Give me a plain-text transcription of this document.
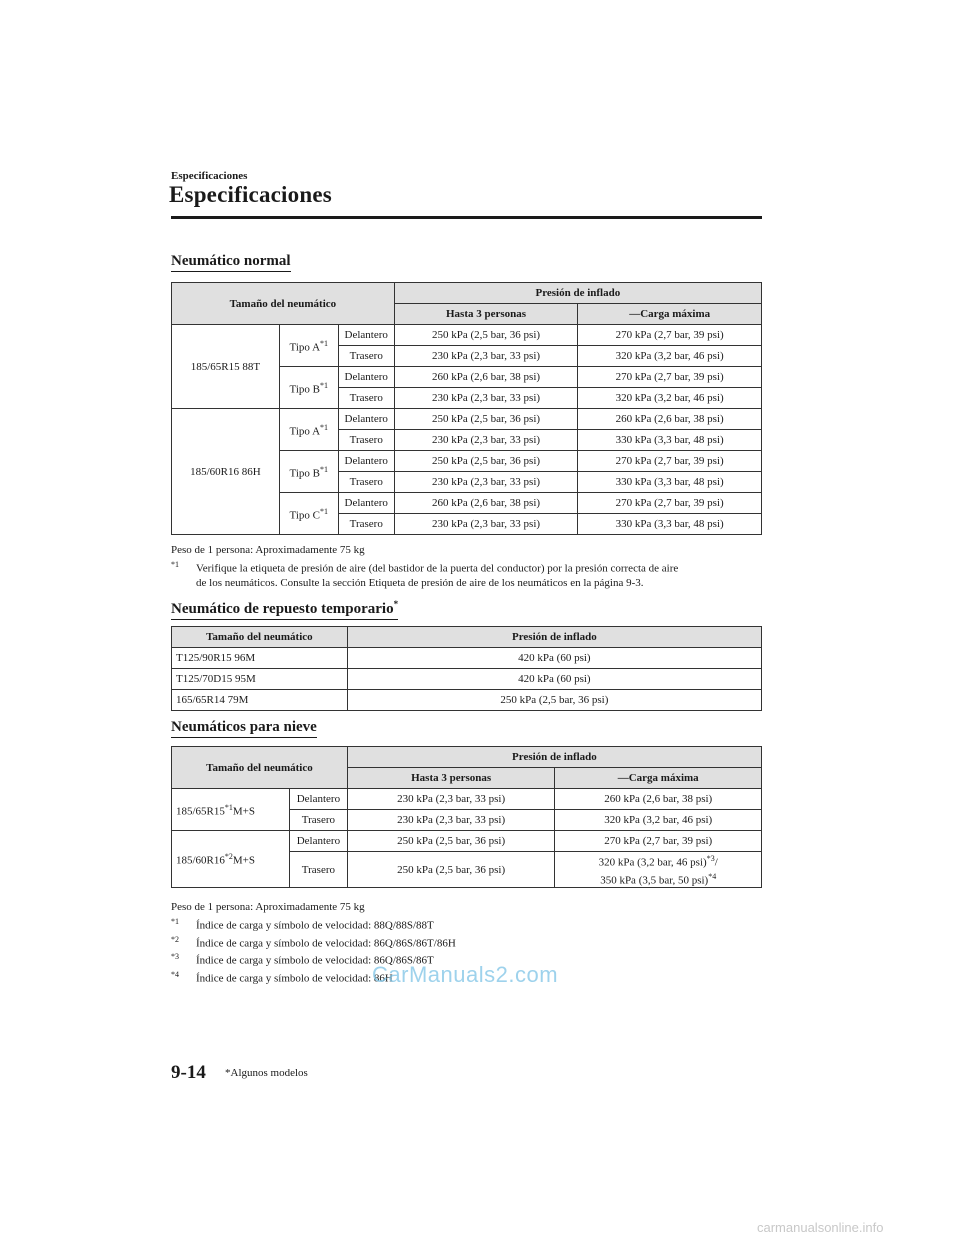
Especificaciones
Especificaciones
Neumático normal
Tamaño del neumático			Presión de inflado	
			Hasta 3 personas	—Carga máxima
185/65R15 88T	Tipo $A^{*1}$	Delantero	250 kPa (2,5 bar, 36 psi)	270 kPa (2,7 bar, 39 psi)
		Trasero	230 kPa (2,3 bar, 33 psi)	320 kPa (3,2 bar, 46 psi)
	Tipo $B^{*1}$	Delantero	260 kPa (2,6 bar, 38 psi)	270 kPa (2,7 bar, 39 psi)
		Trasero	230 kPa (2,3 bar, 33 psi)	320 kPa (3,2 bar, 46 psi)
185/60R16 86H	Tipo $A^{*1}$	Delantero	250 kPa (2,5 bar, 36 psi)	260 kPa (2,6 bar, 38 psi)
		Trasero	230 kPa (2,3 bar, 33 psi)	330 kPa (3,3 bar, 48 psi)
	Tipo $B^{*1}$	Delantero	250 kPa (2,5 bar, 36 psi)	270 kPa (2,7 bar, 39 psi)
		Trasero	230 kPa (2,3 bar, 33 psi)	330 kPa (3,3 bar, 48 psi)
	Tipo $C^{*1}$	Delantero	260 kPa (2,6 bar, 38 psi)	270 kPa (2,7 bar, 39 psi)
		Trasero	230 kPa (2,3 bar, 33 psi)	330 kPa (3,3 bar, 48 psi)
Peso de 1 persona: Aproximadamente 75 kg
$^{*1}$ Verifique la etiqueta de presión de aire (del bastidor de la puerta del conductor) por la presión correcta de aire
de los neumáticos. Consulte la sección Etiqueta de presión de aire de los neumáticos en la página 9-3.
Neumático de repuesto temporario*
Tamaño del neumático	Presión de inflado
T125/90R15 96M	420 kPa (60 psi)
T125/70D15 95M	420 kPa (60 psi)
165/65R14 79M	250 kPa (2,5 bar, 36 psi)
Neumáticos para nieve
Tamaño del neumático		Presión de inflado	
		Hasta 3 personas	—Carga máxima
$185/65R15^{*1}M+S$	Delantero	230 kPa (2,3 bar, 33 psi)	260 kPa (2,6 bar, 38 psi)
	Trasero	230 kPa (2,3 bar, 33 psi)	320 kPa (3,2 bar, 46 psi)
$185/60R16^{*2}M+S$	Delantero	250 kPa (2,5 bar, 36 psi)	270 kPa (2,7 bar, 39 psi)
	Trasero	250 kPa (2,5 bar, 36 psi)	320 kPa (3,2 bar, 46 psi)$^{*3}$/
350 kPa (3,5 bar, 50 psi)$^{*4}$
Peso de 1 persona: Aproximadamente 75 kg
$^{*1}$ Índice de carga y símbolo de velocidad: 88Q/88S/88T
$^{*2}$ Índice de carga y símbolo de velocidad: 86Q/86S/86T/86H
$^{*3}$ Índice de carga y símbolo de velocidad: 86Q/86S/86T
$^{*4}$ Índice de carga y símbolo de velocidad: 86H
CarManuals2.com
9-14 *Algunos modelos
carmanualsonline.info
